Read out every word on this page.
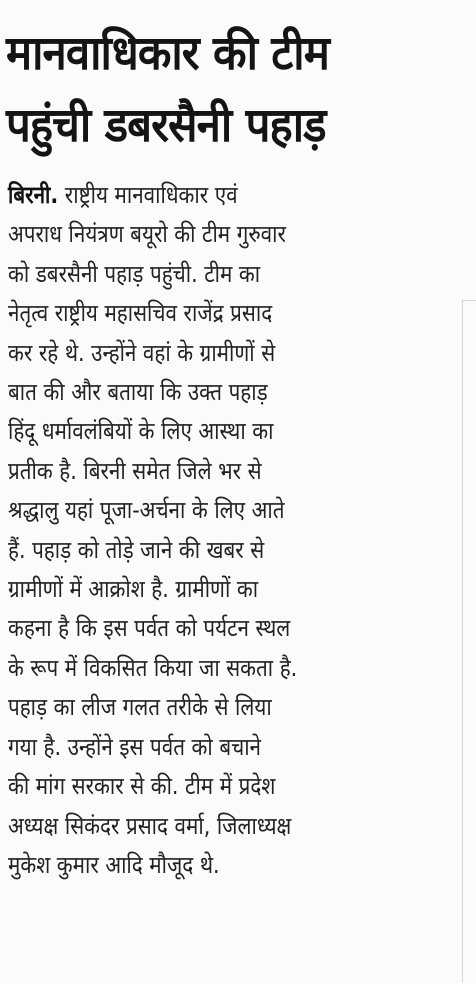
मानवाधिकार की टीम
पहुंची डबरसैनी पहाड़
बिरनी. राष्ट्रीय मानवाधिकार एवं
अपराध नियंत्रण बयूरो की टीम गुरुवार
को डबरसैनी पहाड़ पहुंची. टीम का
नेतृत्व राष्ट्रीय महासचिव राजेंद्र प्रसाद
कर रहे थे. उन्होंने वहां के ग्रामीणों से
बात की और बताया कि उक्त पहाड़
हिंदू धर्मावलंबियों के लिए आस्था का
प्रतीक है. बिरनी समेत जिले भर से
श्रद्धालु यहां पूजा-अर्चना के लिए आते
हैं. पहाड़ को तोड़े जाने की खबर से
ग्रामीणों में आक्रोश है. ग्रामीणों का
कहना है कि इस पर्वत को पर्यटन स्थल
के रूप में विकसित किया जा सकता है.
पहाड़ का लीज गलत तरीके से लिया
गया है. उन्होंने इस पर्वत को बचाने
की मांग सरकार से की. टीम में प्रदेश
अध्यक्ष सिकंदर प्रसाद वर्मा, जिलाध्यक्ष
मुकेश कुमार आदि मौजूद थे.
